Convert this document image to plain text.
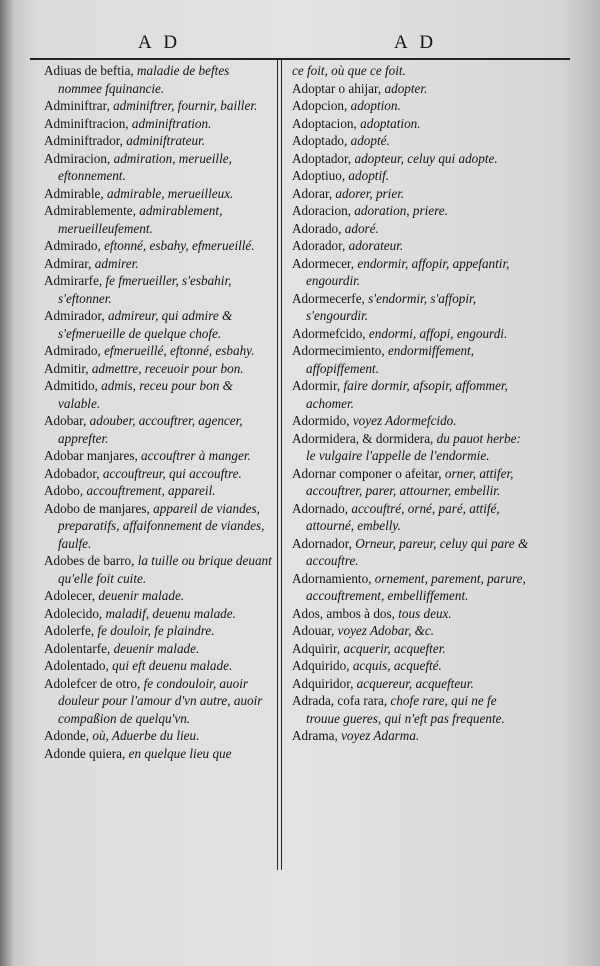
A D	A D

Adiuas de beftia, maladie de beftes nommee fquinancie.

Adminiftrar, adminiftrer, fournir, bailler.

Adminiftracion, adminiftration.

Adminiftrador, adminiftrateur.

Admiracion, admiration, merueille, eftonnement.

Admirable, admirable, merueilleux.

Admirablemente, admirablement, merueilleufement.

Admirado, eftonné, esbahy, efmerueillé.

Admirar, admirer.

Admirarfe, fe fmerueiller, s'esbahir, s'eftonner.

Admirador, admireur, qui admire & s'efmerueille de quelque chofe.

Admirado, efmerueillé, eftonné, esbahy.

Admitir, admettre, receuoir pour bon.

Admitido, admis, receu pour bon & valable.

Adobar, adouber, accouftrer, agencer, apprefter.

Adobar manjares, accouftrer à manger.

Adobador, accouftreur, qui accouftre.

Adobo, accouftrement, appareil.

Adobo de manjares, appareil de viandes, preparatifs, affaifonnement de viandes, faulfe.

Adobes de barro, la tuille ou brique deuant qu'elle foit cuite.

Adolecer, deuenir malade.

Adolecido, maladif, deuenu malade.

Adolerfe, fe douloir, fe plaindre.

Adolentarfe, deuenir malade.

Adolentado, qui eft deuenu malade.

Adolefcer de otro, fe condouloir, auoir douleur pour l'amour d'vn autre, auoir compaßion de quelqu'vn.

Adonde, où, Aduerbe du lieu.

Adonde quiera, en quelque lieu que

ce foit, où que ce foit.

Adoptar o ahijar, adopter.

Adopcion, adoption.

Adoptacion, adoptation.

Adoptado, adopté.

Adoptador, adopteur, celuy qui adopte.

Adoptiuo, adoptif.

Adorar, adorer, prier.

Adoracion, adoration, priere.

Adorado, adoré.

Adorador, adorateur.

Adormecer, endormir, affopir, appefantir, engourdir.

Adormecerfe, s'endormir, s'affopir, s'engourdir.

Adormefcido, endormi, affopi, engourdi.

Adormecimiento, endormiffement, affopiffement.

Adormir, faire dormir, afsopir, affommer, achomer.

Adormido, voyez Adormefcido.

Adormidera, & dormidera, du pauot herbe: le vulgaire l'appelle de l'endormie.

Adornar componer o afeitar, orner, attifer, accouftrer, parer, attourner, embellir.

Adornado, accouftré, orné, paré, attifé, attourné, embelly.

Adornador, Orneur, pareur, celuy qui pare & accouftre.

Adornamiento, ornement, parement, parure, accouftrement, embelliffement.

Ados, ambos à dos, tous deux.

Adouar, voyez Adobar, &c.

Adquirir, acquerir, acquefter.

Adquirido, acquis, acquefté.

Adquiridor, acquereur, acquefteur.

Adrada, cofa rara, chofe rare, qui ne fe trouue gueres, qui n'eft pas frequente.

Adrama, voyez Adarma.
